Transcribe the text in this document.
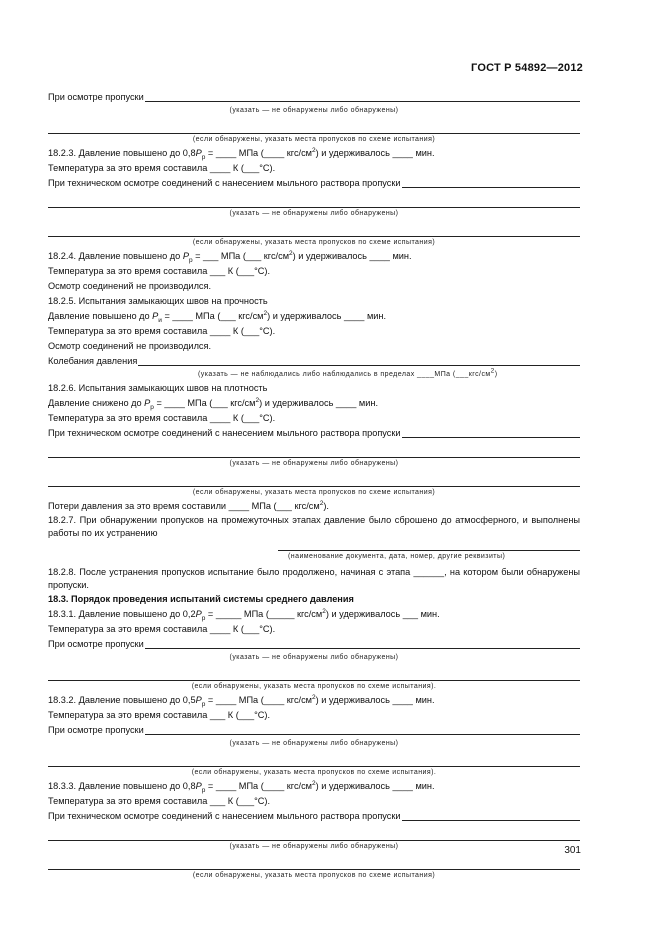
ГОСТ Р 54892—2012
При осмотре пропуски
(указать — не обнаружены либо обнаружены)
(если обнаружены, указать места пропусков по схеме испытания)
18.2.3. Давление повышено до $0,8P_р$ = ____ МПа (____ кгс/$см^2$) и удерживалось ____ мин.
Температура за это время составила ____ К (___°С).
При техническом осмотре соединений с нанесением мыльного раствора пропуски
(указать — не обнаружены либо обнаружены)
(если обнаружены, указать места пропусков по схеме испытания)
18.2.4. Давление повышено до $P_р$ = ___ МПа (___ кгс/$см^2$) и удерживалось ____ мин.
Температура за это время составила ___ К (___°С).
Осмотр соединений не производился.
18.2.5. Испытания замыкающих швов на прочность
Давление повышено до $P_и$ = ____ МПа (___ кгс/$см^2$) и удерживалось ____ мин.
Температура за это время составила ____ К (___°С).
Осмотр соединений не производился.
Колебания давления
(указать — не наблюдались либо наблюдались в пределах ____МПа $(\_\_\_кгс/см^2)$
18.2.6. Испытания замыкающих швов на плотность
Давление снижено до $P_р$ = ____ МПа (___ кгс/$см^2$) и удерживалось ____ мин.
Температура за это время составила ____ К (___°С).
При техническом осмотре соединений с нанесением мыльного раствора пропуски
(указать — не обнаружены либо обнаружены)
(если обнаружены, указать места пропусков по схеме испытания)
Потери давления за это время составили ____ МПа (___ кгс/$см^2$).
18.2.7. При обнаружении пропусков на промежуточных этапах давление было сброшено до атмосферного, и выполнены работы по их устранению
(наименование документа, дата, номер, другие реквизиты)
18.2.8. После устранения пропусков испытание было продолжено, начиная с этапа ______, на котором были обнаружены пропуски.
18.3. Порядок проведения испытаний системы среднего давления
18.3.1. Давление повышено до $0,2P_р$ = _____ МПа (_____ кгс/$см^2$) и удерживалось ___ мин.
Температура за это время составила ____ К (___°С).
При осмотре пропуски
(указать — не обнаружены либо обнаружены)
(если обнаружены, указать места пропусков по схеме испытания).
18.3.2. Давление повышено до $0,5P_р$ = ____ МПа (____ кгс/$см^2$) и удерживалось ____ мин.
Температура за это время составила ___ К (___°С).
При осмотре пропуски
(указать — не обнаружены либо обнаружены)
(если обнаружены, указать места пропусков по схеме испытания).
18.3.3. Давление повышено до $0,8P_р$ = ____ МПа (____ кгс/$см^2$) и удерживалось ____ мин.
Температура за это время составила ___ К (___°С).
При техническом осмотре соединений с нанесением мыльного раствора пропуски
(указать — не обнаружены либо обнаружены)
(если обнаружены, указать места пропусков по схеме испытания)
301
